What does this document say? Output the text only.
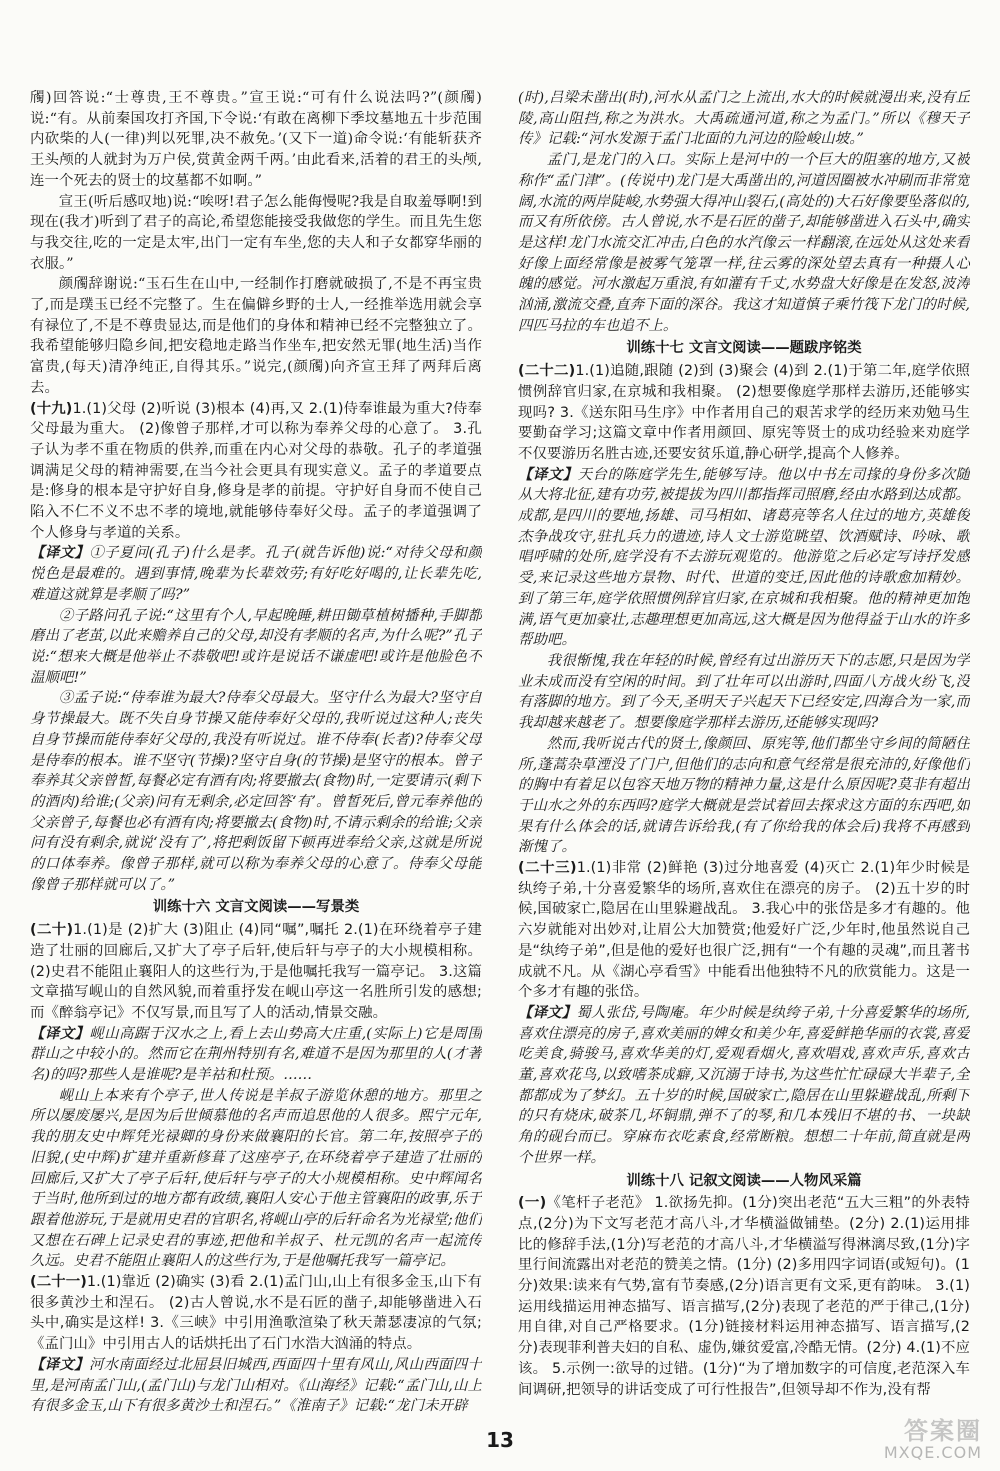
斶)回答说:“士尊贵,王不尊贵。”宣王说:“可有什么说法吗?”(颜斶)说:“有。从前秦国攻打齐国,下令说:‘有敢在离柳下季坟墓地五十步范围内砍柴的人(一律)判以死罪,决不赦免。’(又下一道)命令说:‘有能斩获齐王头颅的人就封为万户侯,赏黄金两千两。’由此看来,活着的君王的头颅,连一个死去的贤士的坟墓都不如啊。”

宣王(听后感叹地)说:“唉呀!君子怎么能侮慢呢?我是自取羞辱啊!到现在(我才)听到了君子的高论,希望您能接受我做您的学生。而且先生您与我交往,吃的一定是太牢,出门一定有车坐,您的夫人和子女都穿华丽的衣服。”

颜斶辞谢说:“玉石生在山中,一经制作打磨就破损了,不是不再宝贵了,而是璞玉已经不完整了。生在偏僻乡野的士人,一经推举选用就会享有禄位了,不是不尊贵显达,而是他们的身体和精神已经不完整独立了。我希望能够归隐乡间,把安稳地走路当作坐车,把安然无罪(地生活)当作富贵,(每天)清净纯正,自得其乐。”说完,(颜斶)向齐宣王拜了两拜后离去。

(十九)1.(1)父母 (2)听说 (3)根本 (4)再,又 2.(1)侍奉谁最为重大?侍奉父母最为重大。 (2)像曾子那样,才可以称为奉养父母的心意了。 3.孔子认为孝不重在物质的供养,而重在内心对父母的恭敬。孔子的孝道强调满足父母的精神需要,在当今社会更具有现实意义。孟子的孝道要点是:修身的根本是守护好自身,修身是孝的前提。守护好自身而不使自己陷入不仁不义不忠不孝的境地,就能够侍奉好父母。孟子的孝道强调了个人修身与孝道的关系。

【译文】①子夏问(孔子)什么是孝。孔子(就告诉他)说:“对待父母和颜悦色是最难的。遇到事情,晚辈为长辈效劳;有好吃好喝的,让长辈先吃,难道这就算是孝顺了吗?”

②子路问孔子说:“这里有个人,早起晚睡,耕田锄草植树播种,手脚都磨出了老茧,以此来赡养自己的父母,却没有孝顺的名声,为什么呢?”孔子说:“想来大概是他举止不恭敬吧!或许是说话不谦虚吧!或许是他脸色不温顺吧!”

③孟子说:“侍奉谁为最大?侍奉父母最大。坚守什么为最大?坚守自身节操最大。既不失自身节操又能侍奉好父母的,我听说过这种人;丧失自身节操而能侍奉好父母的,我没有听说过。谁不侍奉(长者)?侍奉父母是侍奉的根本。谁不坚守(节操)?坚守自身(的节操)是坚守的根本。曾子奉养其父亲曾皙,每餐必定有酒有肉;将要撤去(食物)时,一定要请示(剩下的酒肉)给谁;(父亲)问有无剩余,必定回答‘有’。曾皙死后,曾元奉养他的父亲曾子,每餐也必有酒有肉;将要撤去(食物)时,不请示剩余的给谁;父亲问有没有剩余,就说‘没有了’,将把剩饭留下顿再进奉给父亲,这就是所说的口体奉养。像曾子那样,就可以称为奉养父母的心意了。侍奉父母能像曾子那样就可以了。”

训练十六 文言文阅读——写景类

(二十)1.(1)是 (2)扩大 (3)阻止 (4)同“嘱”,嘱托 2.(1)在环绕着亭子建造了壮丽的回廊后,又扩大了亭子后轩,使后轩与亭子的大小规模相称。 (2)史君不能阻止襄阳人的这些行为,于是他嘱托我写一篇亭记。 3.这篇文章描写岘山的自然风貌,而着重抒发在岘山亭这一名胜所引发的感想;而《醉翁亭记》不仅写景,而且写了人的活动,情景交融。

【译文】岘山高踞于汉水之上,看上去山势高大庄重,(实际上)它是周围群山之中较小的。然而它在荆州特别有名,难道不是因为那里的人(才著名)的吗?那些人是谁呢?是羊祜和杜预。……

岘山上本来有个亭子,世人传说是羊叔子游览休憩的地方。那里之所以屡废屡兴,是因为后世倾慕他的名声而追思他的人很多。熙宁元年,我的朋友史中辉凭光禄卿的身份来做襄阳的长官。第二年,按照亭子的旧貌,(史中辉)扩建并重新修葺了这座亭子,在环绕着亭子建造了壮丽的回廊后,又扩大了亭子后轩,使后轩与亭子的大小规模相称。史中辉闻名于当时,他所到过的地方都有政绩,襄阳人安心于他主管襄阳的政事,乐于跟着他游玩,于是就用史君的官职名,将岘山亭的后轩命名为光禄堂;他们又想在石碑上记录史君的事迹,把他和羊叔子、杜元凯的名声一起流传久远。史君不能阻止襄阳人的这些行为,于是他嘱托我写一篇亭记。

(二十一)1.(1)靠近 (2)确实 (3)看 2.(1)孟门山,山上有很多金玉,山下有很多黄沙土和涅石。 (2)古人曾说,水不是石匠的凿子,却能够凿进入石头中,确实是这样! 3.《三峡》中引用渔歌渲染了秋天萧瑟凄凉的气氛;《孟门山》中引用古人的话烘托出了石门水浩大汹涌的特点。

【译文】河水南面经过北屈县旧城西,西面四十里有风山,风山西面四十里,是河南孟门山,(孟门山)与龙门山相对。《山海经》记载:“孟门山,山上有很多金玉,山下有很多黄沙土和涅石。”《淮南子》记载:“龙门未开辟

(时),吕梁未凿出(时),河水从孟门之上流出,水大的时候就漫出来,没有丘陵,高山阻挡,称之为洪水。大禹疏通河道,称之为孟门。”所以《穆天子传》记载:“河水发源于孟门北面的九河边的险峻山坡。”

孟门,是龙门的入口。实际上是河中的一个巨大的阻塞的地方,又被称作“孟门津”。(传说中)龙门是大禹凿出的,河道因圈被水冲刷而非常宽阔,水流的两岸陡峻,水势强大得冲山裂石,(高处的)大石好像要坠落似的,而又有所依傍。古人曾说,水不是石匠的凿子,却能够凿进入石头中,确实是这样!龙门水流交汇冲击,白色的水汽像云一样翻滚,在远处从这处来看好像上面经常像是被雾气笼罩一样,往云雾的深处望去真有一种摄人心魄的感觉。河水激起万重浪,有如灌有千丈,水势盘大好像是在发怒,波涛汹涌,激流交叠,直奔下面的深谷。我这才知道慎子乘竹筏下龙门的时候,四匹马拉的车也追不上。

训练十七 文言文阅读——题跋序铭类

(二十二)1.(1)追随,跟随 (2)到 (3)聚会 (4)到 2.(1)于第二年,庭学依照惯例辞官归家,在京城和我相聚。 (2)想要像庭学那样去游历,还能够实现吗? 3.《送东阳马生序》中作者用自己的艰苦求学的经历来劝勉马生要勤奋学习;这篇文章中作者用颜回、原宪等贤士的成功经验来劝庭学不仅要游历名胜古迹,还要安贫乐道,静心研学,提高个人修养。

【译文】天台的陈庭学先生,能够写诗。他以中书左司掾的身份多次随从大将北征,建有功劳,被提拔为四川都指挥司照磨,经由水路到达成都。成都,是四川的要地,扬雄、司马相如、诸葛亮等名人住过的地方,英雄俊杰争战攻守,驻扎兵力的遗迹,诗人文士游览眺望、饮酒赋诗、吟咏、歌唱呼啸的处所,庭学没有不去游玩观览的。他游览之后必定写诗抒发感受,来记录这些地方景物、时代、世道的变迁,因此他的诗歌愈加精妙。到了第三年,庭学依照惯例辞官归家,在京城和我相聚。他的精神更加饱满,语气更加豪壮,志趣理想更加高远,这大概是因为他得益于山水的许多帮助吧。

我很惭愧,我在年轻的时候,曾经有过出游历天下的志愿,只是因为学业未成而没有空闲的时间。到了壮年可以出游时,四面八方战火纷飞,没有落脚的地方。到了今天,圣明天子兴起天下已经安定,四海合为一家,而我却越来越老了。想要像庭学那样去游历,还能够实现吗?

然而,我听说古代的贤士,像颜回、原宪等,他们都坐守乡间的简陋住所,蓬蒿杂草湮没了门户,但他们的志向和意气经常是很充沛的,好像他们的胸中有着足以包容天地万物的精神力量,这是什么原因呢?莫非有超出于山水之外的东西吗?庭学大概就是尝试着回去探求这方面的东西吧,如果有什么体会的话,就请告诉给我,(有了你给我的体会后)我将不再感到渐愧了。

(二十三)1.(1)非常 (2)鲜艳 (3)过分地喜爱 (4)灭亡 2.(1)年少时候是纨绔子弟,十分喜爱繁华的场所,喜欢住在漂亮的房子。 (2)五十岁的时候,国破家亡,隐居在山里躲避战乱。 3.我心中的张岱是多才有趣的。他六岁就能对出妙对,让眉公大加赞赏;他爱好广泛,少年时,他虽然说自己是“纨绔子弟”,但是他的爱好也很广泛,拥有“一个有趣的灵魂”,而且著书成就不凡。从《湖心亭看雪》中能看出他独特不凡的欣赏能力。这是一个多才有趣的张岱。

【译文】蜀人张岱,号陶庵。年少时候是纨绔子弟,十分喜爱繁华的场所,喜欢住漂亮的房子,喜欢美丽的婢女和美少年,喜爱鲜艳华丽的衣裳,喜爱吃美食,骑骏马,喜欢华美的灯,爱观看烟火,喜欢唱戏,喜欢声乐,喜欢古董,喜欢花鸟,以致嗜茶成癖,又沉溺于诗书,为这些忙忙碌碌大半辈子,全都都成为了梦幻。五十岁的时候,国破家亡,隐居在山里躲避战乱,所剩下的只有烧床,破茶几,坏铜鼎,弹不了的琴,和几本残旧不堪的书、一块缺角的砚台而已。穿麻布衣吃素食,经常断粮。想想二十年前,简直就是两个世界一样。

训练十八 记叙文阅读——人物风采篇

(一)《笔杆子老范》 1.欲扬先抑。(1分)突出老范“五大三粗”的外表特点,(2分)为下文写老范才高八斗,才华横溢做铺垫。(2分) 2.(1)运用排比的修辞手法,(1分)写老范的才高八斗,才华横溢写得淋漓尽致,(1分)字里行间流露出对老范的赞美之情。(1分) (2)多用四字词语(或短句)。(1分)效果:读来有气势,富有节奏感,(2分)语言更有文采,更有韵味。 3.(1)运用线描运用神态描写、语言描写,(2分)表现了老范的严于律己,(1分)用自律,对自己严格要求。(1分)链接材料运用神态描写、语言描写,(2分)表现菲利普夫妇的自私、虚伪,嫌贫爱富,冷酷无情。(2分) 4.(1)不应该。 5.示例一:欲导的过错。(1分)“为了增加数字的可信度,老范深入车间调研,把领导的讲话变成了可行性报告”,但领导却不作为,没有帮

13	答案圈
MXQE.COM
